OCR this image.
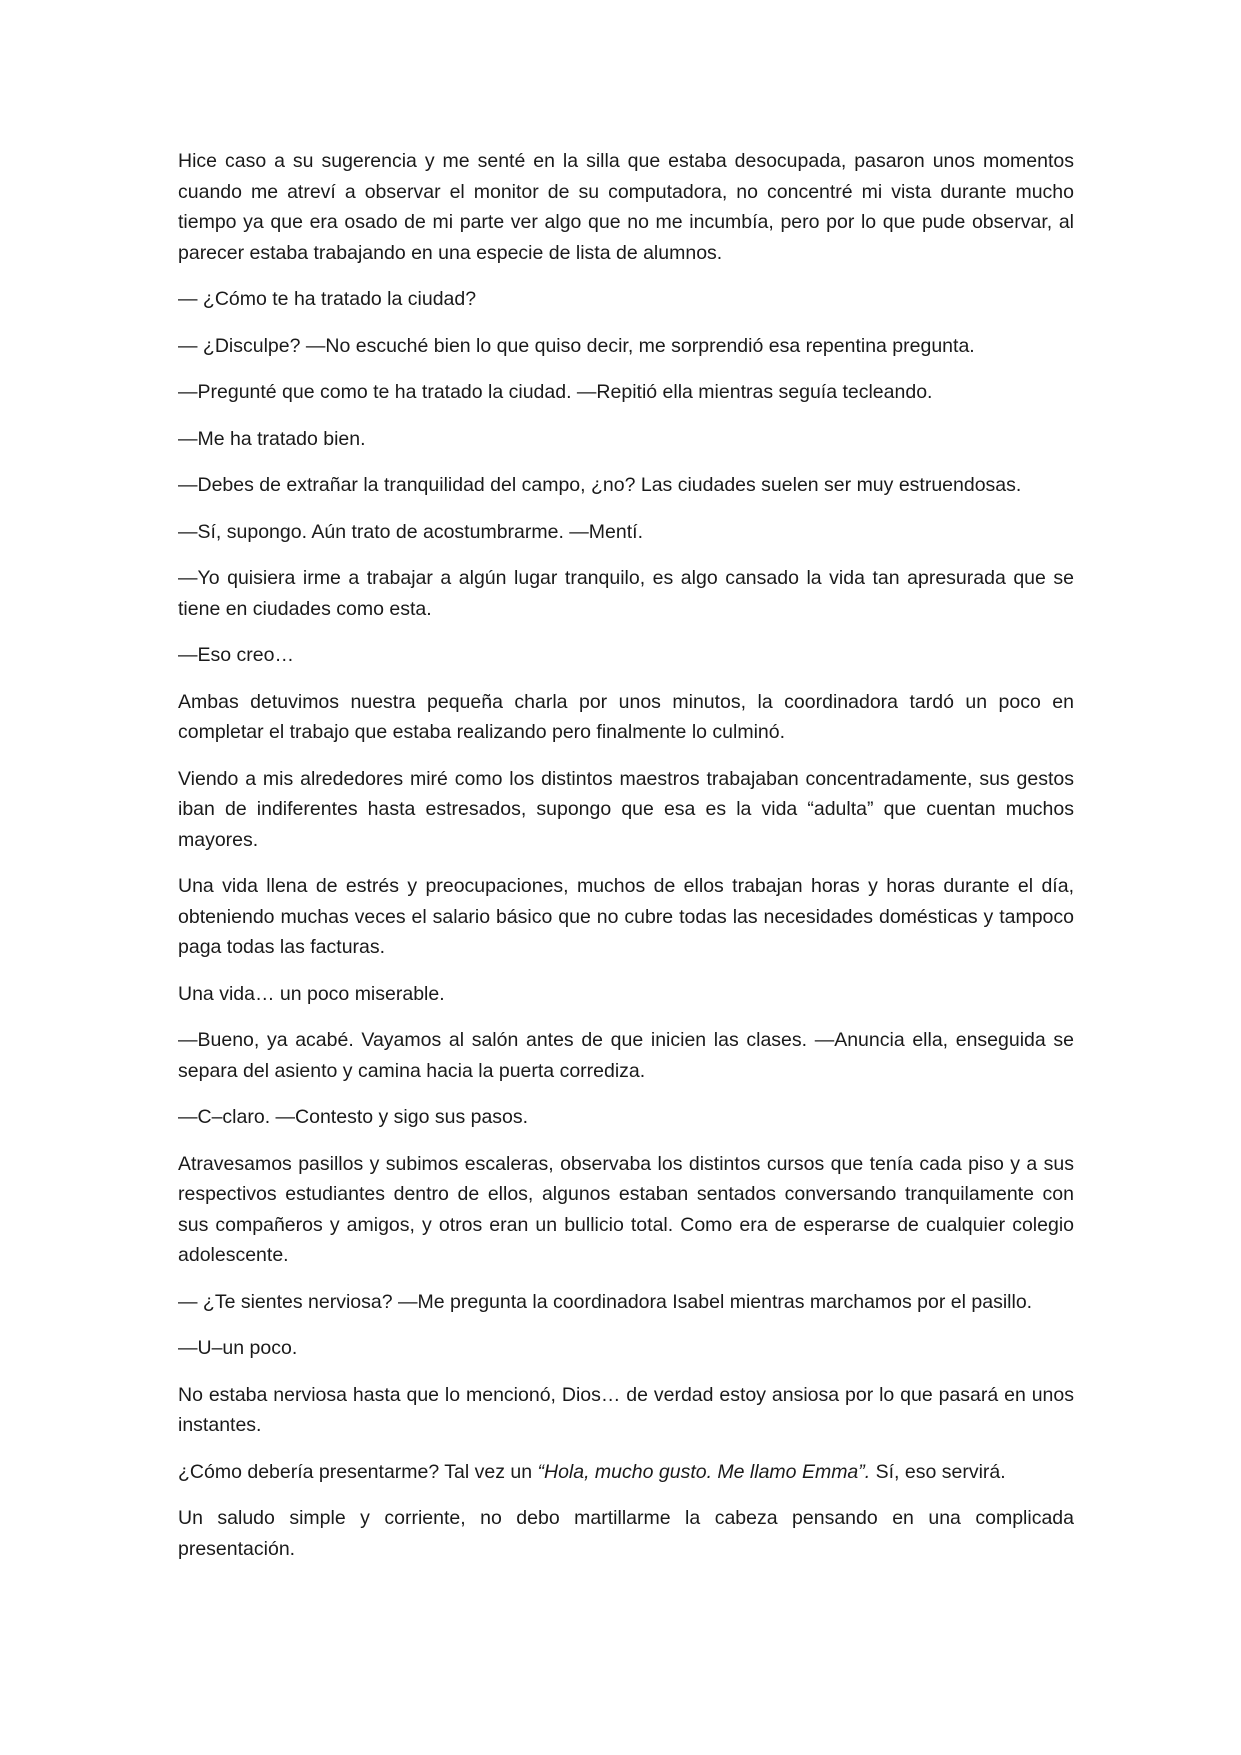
Hice caso a su sugerencia y me senté en la silla que estaba desocupada, pasaron unos momentos cuando me atreví a observar el monitor de su computadora, no concentré mi vista durante mucho tiempo ya que era osado de mi parte ver algo que no me incumbía, pero por lo que pude observar, al parecer estaba trabajando en una especie de lista de alumnos.

— ¿Cómo te ha tratado la ciudad?

— ¿Disculpe? —No escuché bien lo que quiso decir, me sorprendió esa repentina pregunta.

—Pregunté que como te ha tratado la ciudad. —Repitió ella mientras seguía tecleando.

—Me ha tratado bien.

—Debes de extrañar la tranquilidad del campo, ¿no? Las ciudades suelen ser muy estruendosas.

—Sí, supongo. Aún trato de acostumbrarme. —Mentí.

—Yo quisiera irme a trabajar a algún lugar tranquilo, es algo cansado la vida tan apresurada que se tiene en ciudades como esta.

—Eso creo…

Ambas detuvimos nuestra pequeña charla por unos minutos, la coordinadora tardó un poco en completar el trabajo que estaba realizando pero finalmente lo culminó.

Viendo a mis alrededores miré como los distintos maestros trabajaban concentradamente, sus gestos iban de indiferentes hasta estresados, supongo que esa es la vida “adulta” que cuentan muchos mayores.

Una vida llena de estrés y preocupaciones, muchos de ellos trabajan horas y horas durante el día, obteniendo muchas veces el salario básico que no cubre todas las necesidades domésticas y tampoco paga todas las facturas.

Una vida… un poco miserable.

—Bueno, ya acabé. Vayamos al salón antes de que inicien las clases. —Anuncia ella, enseguida se separa del asiento y camina hacia la puerta corrediza.

—C–claro. —Contesto y sigo sus pasos.

Atravesamos pasillos y subimos escaleras, observaba los distintos cursos que tenía cada piso y a sus respectivos estudiantes dentro de ellos, algunos estaban sentados conversando tranquilamente con sus compañeros y amigos, y otros eran un bullicio total. Como era de esperarse de cualquier colegio adolescente.

— ¿Te sientes nerviosa? —Me pregunta la coordinadora Isabel mientras marchamos por el pasillo.

—U–un poco.

No estaba nerviosa hasta que lo mencionó, Dios… de verdad estoy ansiosa por lo que pasará en unos instantes.

¿Cómo debería presentarme? Tal vez un “Hola, mucho gusto. Me llamo Emma”. Sí, eso servirá.

Un saludo simple y corriente, no debo martillarme la cabeza pensando en una complicada presentación.
